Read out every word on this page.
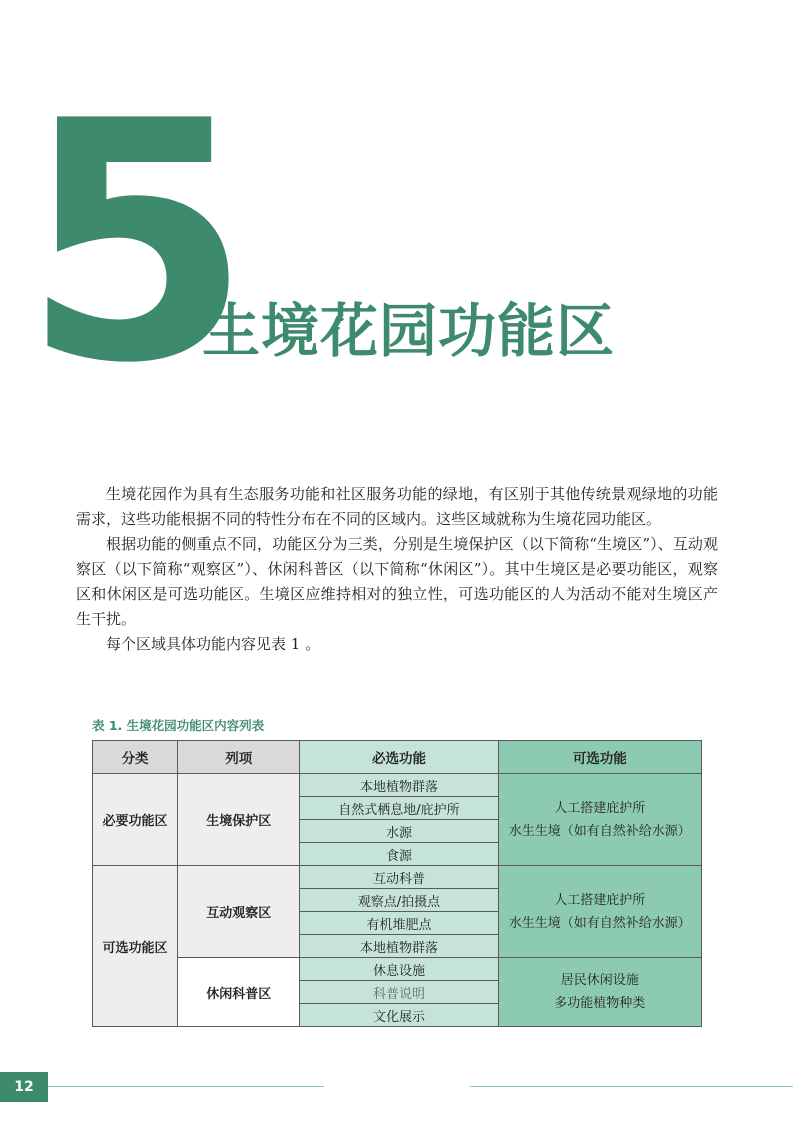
5
生境花园功能区

生境花园作为具有生态服务功能和社区服务功能的绿地，有区别于其他传统景观绿地的功能需求，这些功能根据不同的特性分布在不同的区域内。这些区域就称为生境花园功能区。

根据功能的侧重点不同，功能区分为三类，分别是生境保护区（以下简称“生境区”）、互动观察区（以下简称“观察区”）、休闲科普区（以下简称“休闲区”）。其中生境区是必要功能区，观察区和休闲区是可选功能区。生境区应维持相对的独立性，可选功能区的人为活动不能对生境区产生干扰。

每个区域具体功能内容见表 1 。

表 1. 生境花园功能区内容列表
分类	列项	必选功能	可选功能
必要功能区	生境保护区	本地植物群落	人工搭建庇护所
水生生境（如有自然补给水源）

		自然式栖息地/庇护所	
		水源	
		食源	
可选功能区	互动观察区	互动科普	人工搭建庇护所
水生生境（如有自然补给水源）

		观察点/拍摄点	
		有机堆肥点	
		本地植物群落	
	休闲科普区	休息设施	居民休闲设施
多功能植物种类

		科普说明	
		文化展示	
12
